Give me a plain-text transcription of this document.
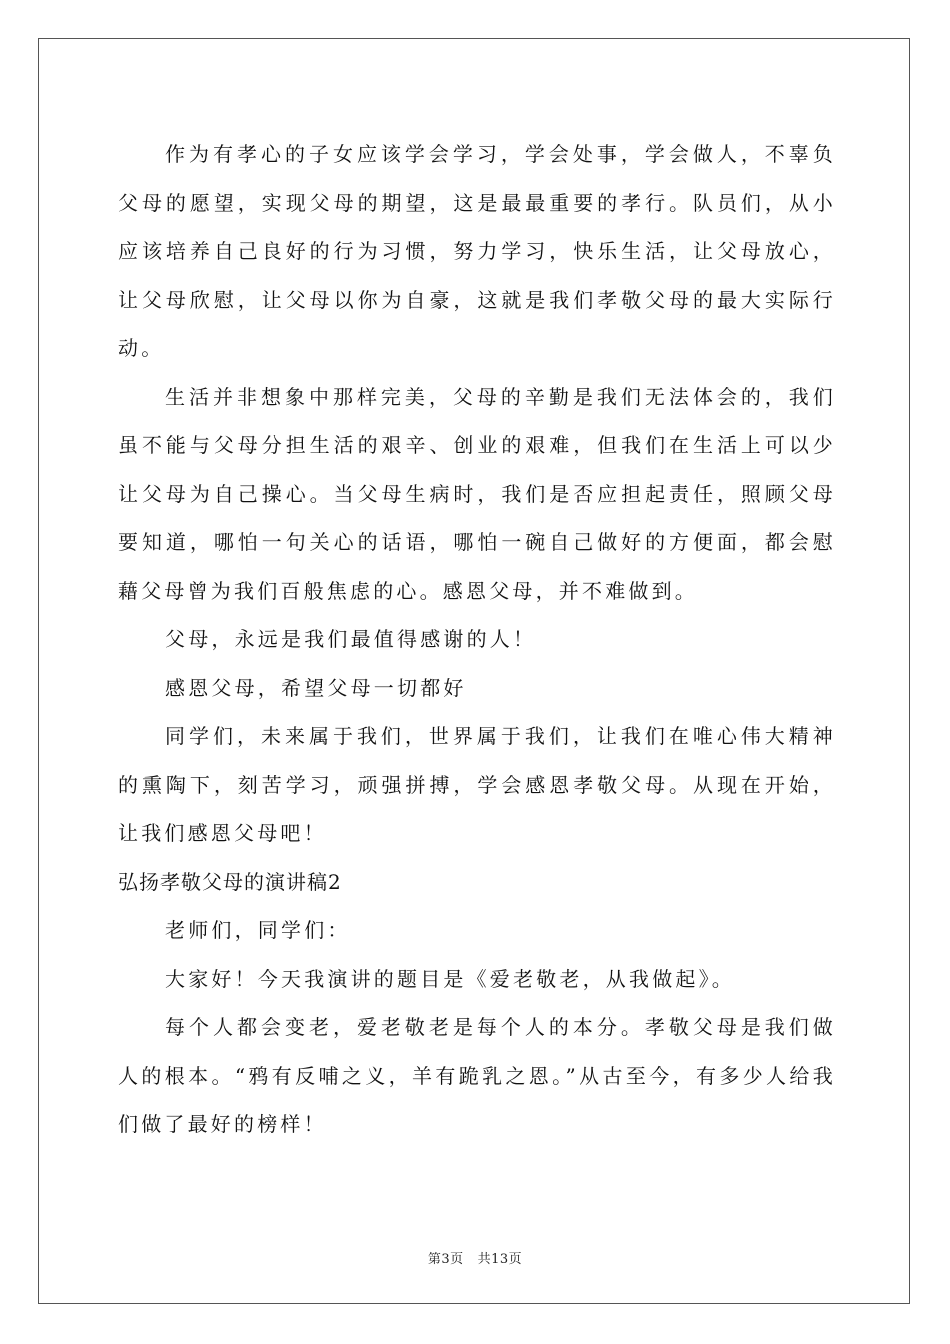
作为有孝心的子女应该学会学习，学会处事，学会做人，不辜负父母的愿望，实现父母的期望，这是最最重要的孝行。队员们，从小应该培养自己良好的行为习惯，努力学习，快乐生活，让父母放心，让父母欣慰，让父母以你为自豪，这就是我们孝敬父母的最大实际行动。

生活并非想象中那样完美，父母的辛勤是我们无法体会的，我们虽不能与父母分担生活的艰辛、创业的艰难，但我们在生活上可以少让父母为自己操心。当父母生病时，我们是否应担起责任，照顾父母要知道，哪怕一句关心的话语，哪怕一碗自己做好的方便面，都会慰藉父母曾为我们百般焦虑的心。感恩父母，并不难做到。

父母，永远是我们最值得感谢的人！

感恩父母，希望父母一切都好

同学们，未来属于我们，世界属于我们，让我们在唯心伟大精神的熏陶下，刻苦学习，顽强拼搏，学会感恩孝敬父母。从现在开始，让我们感恩父母吧！

弘扬孝敬父母的演讲稿2

老师们，同学们：

大家好！今天我演讲的题目是《爱老敬老，从我做起》。

每个人都会变老，爱老敬老是每个人的本分。孝敬父母是我们做人的根本。“鸦有反哺之义，羊有跪乳之恩。”从古至今，有多少人给我们做了最好的榜样！

第3页 共13页
